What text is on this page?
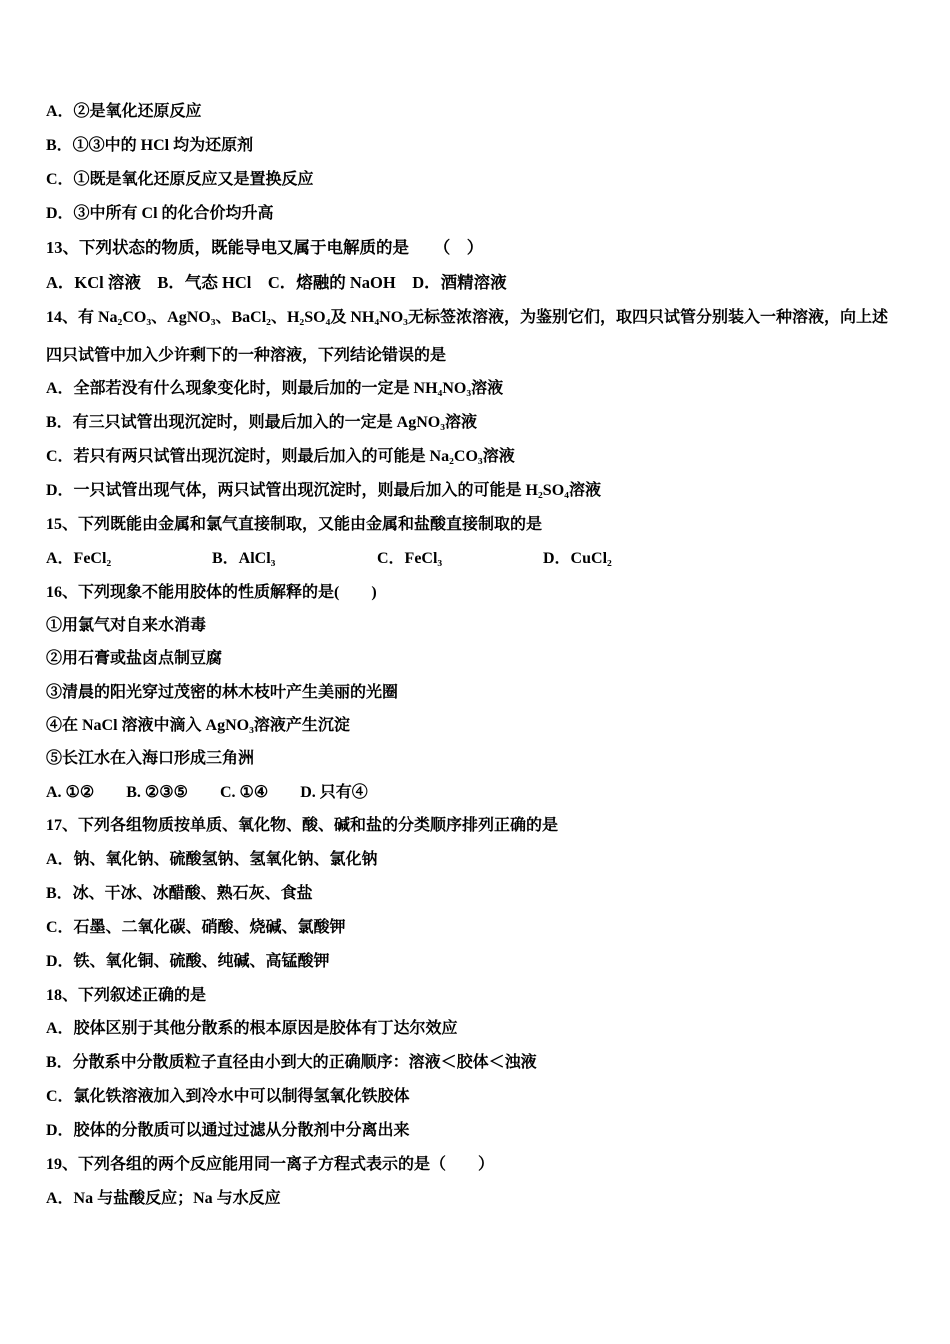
A．②是氧化还原反应
B．①③中的 HCl 均为还原剂
C．①既是氧化还原反应又是置换反应
D．③中所有 Cl 的化合价均升高
13、下列状态的物质，既能导电又属于电解质的是　　（　）
A．KCl 溶液　B．气态 HCl　C．熔融的 NaOH　D．酒精溶液
14、有 Na₂CO₃、AgNO₃、BaCl₂、H₂SO₄及 NH₄NO₃无标签浓溶液，为鉴别它们，取四只试管分别装入一种溶液，向上述
四只试管中加入少许剩下的一种溶液，下列结论错误的是
A．全部若没有什么现象变化时，则最后加的一定是 NH₄NO₃溶液
B．有三只试管出现沉淀时，则最后加入的一定是 AgNO₃溶液
C．若只有两只试管出现沉淀时，则最后加入的可能是 Na₂CO₃溶液
D．一只试管出现气体，两只试管出现沉淀时，则最后加入的可能是 H₂SO₄溶液
15、下列既能由金属和氯气直接制取，又能由金属和盐酸直接制取的是
A．FeCl₂	B．AlCl₃	C．FeCl₃	D．CuCl₂
16、下列现象不能用胶体的性质解释的是(　　)
①用氯气对自来水消毒
②用石膏或盐卤点制豆腐
③清晨的阳光穿过茂密的林木枝叶产生美丽的光圈
④在 NaCl 溶液中滴入 AgNO₃溶液产生沉淀
⑤长江水在入海口形成三角洲
A. ①②　　B. ②③⑤　　C. ①④　　D. 只有④
17、下列各组物质按单质、氧化物、酸、碱和盐的分类顺序排列正确的是
A．钠、氧化钠、硫酸氢钠、氢氧化钠、氯化钠
B．冰、干冰、冰醋酸、熟石灰、食盐
C．石墨、二氧化碳、硝酸、烧碱、氯酸钾
D．铁、氧化铜、硫酸、纯碱、高锰酸钾
18、下列叙述正确的是
A．胶体区别于其他分散系的根本原因是胶体有丁达尔效应
B．分散系中分散质粒子直径由小到大的正确顺序：溶液＜胶体＜浊液
C．氯化铁溶液加入到冷水中可以制得氢氧化铁胶体
D．胶体的分散质可以通过过滤从分散剂中分离出来
19、下列各组的两个反应能用同一离子方程式表示的是（　　）
A．Na 与盐酸反应；Na 与水反应
